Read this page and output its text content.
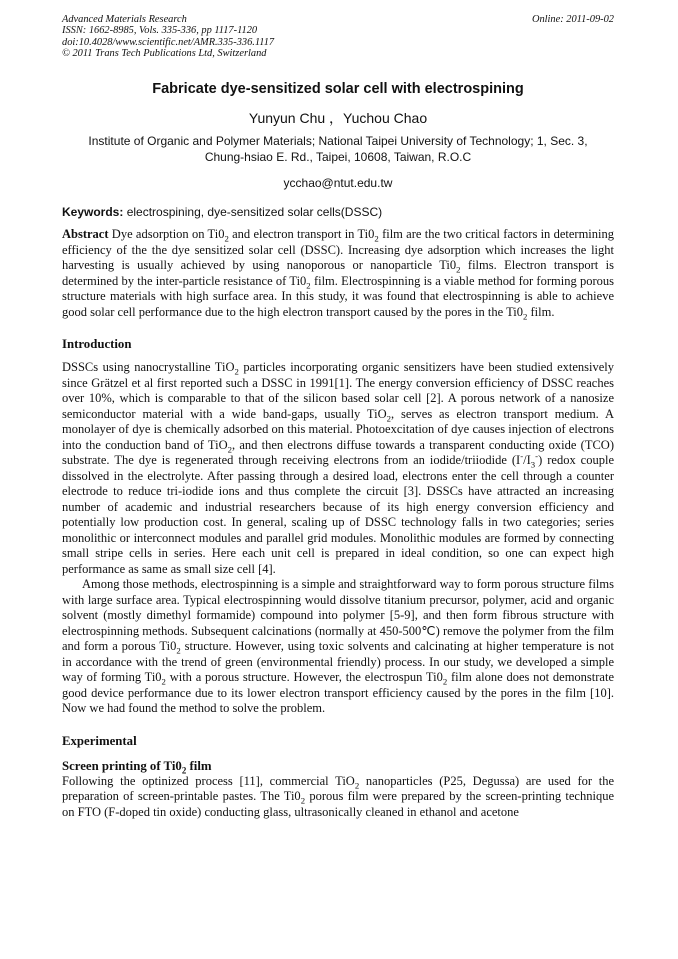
Advanced Materials Research
ISSN: 1662-8985, Vols. 335-336, pp 1117-1120
doi:10.4028/www.scientific.net/AMR.335-336.1117
© 2011 Trans Tech Publications Ltd, Switzerland
Online: 2011-09-02
Fabricate dye-sensitized solar cell with electrospining
Yunyun Chu ，Yuchou Chao
Institute of Organic and Polymer Materials; National Taipei University of Technology; 1, Sec. 3,
Chung-hsiao E. Rd., Taipei, 10608, Taiwan, R.O.C
ycchao@ntut.edu.tw
Keywords: electrospining, dye-sensitized solar cells(DSSC)

Abstract Dye adsorption on $Ti0_2$ and electron transport in $Ti0_2$ film are the two critical factors in determining efficiency of the the dye sensitized solar cell (DSSC). Increasing dye adsorption which increases the light harvesting is usually achieved by using nanoporous or nanoparticle $Ti0_2$ films. Electron transport is determined by the inter-particle resistance of $Ti0_2$ film. Electrospinning is a viable method for forming porous structure materials with high surface area. In this study, it was found that electrospinning is able to achieve good solar cell performance due to the high electron transport caused by the pores in the $Ti0_2$ film.

Introduction

DSSCs using nanocrystalline TiO$_2$ particles incorporating organic sensitizers have been studied extensively since Grätzel et al first reported such a DSSC in 1991[1]. The energy conversion efficiency of DSSC reaches over 10%, which is comparable to that of the silicon based solar cell [2]. A porous network of a nanosize semiconductor material with a wide band-gaps, usually TiO$_2$, serves as electron transport medium. A monolayer of dye is chemically adsorbed on this material. Photoexcitation of dye causes injection of electrons into the conduction band of TiO$_2$, and then electrons diffuse towards a transparent conducting oxide (TCO) substrate. The dye is regenerated through receiving electrons from an iodide/triiodide $(I^-/I_3^-)$ redox couple dissolved in the electrolyte. After passing through a desired load, electrons enter the cell through a counter electrode to reduce tri-iodide ions and thus complete the circuit [3]. DSSCs have attracted an increasing number of academic and industrial researchers because of its high energy conversion efficiency and potentially low production cost. In general, scaling up of DSSC technology falls in two categories; series monolithic or interconnect modules and parallel grid modules. Monolithic modules are formed by connecting small stripe cells in series. Here each unit cell is prepared in ideal condition, so one can expect high performance as same as small size cell [4].

Among those methods, electrospinning is a simple and straightforward way to form porous structure films with large surface area. Typical electrospinning would dissolve titanium precursor, polymer, acid and organic solvent (mostly dimethyl formamide) compound into polymer [5-9], and then form fibrous structure with electrospinning methods. Subsequent calcinations (normally at 450-500℃) remove the polymer from the film and form a porous $Ti0_2$ structure. However, using toxic solvents and calcinating at higher temperature is not in accordance with the trend of green (environmental friendly) process. In our study, we developed a simple way of forming $Ti0_2$ with a porous structure. However, the electrospun $Ti0_2$ film alone does not demonstrate good device performance due to its lower electron transport efficiency caused by the pores in the film [10]. Now we had found the method to solve the problem.

Experimental
Screen printing of $Ti0_2$ film

Following the optinized process [11], commercial TiO$_2$ nanoparticles (P25, Degussa) are used for the preparation of screen-printable pastes. The $Ti0_2$ porous film were prepared by the screen-printing technique on FTO (F-doped tin oxide) conducting glass, ultrasonically cleaned in ethanol and acetone
